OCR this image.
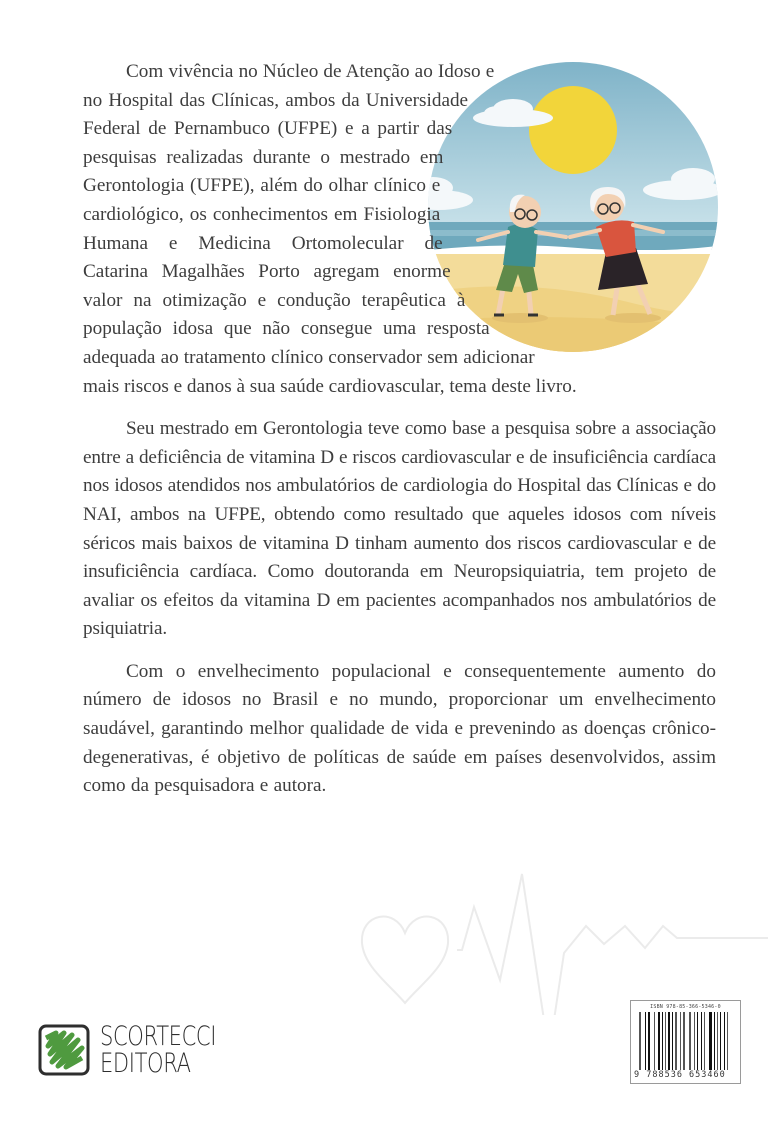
Com vivência no Núcleo de Atenção ao Idoso e no Hospital das Clínicas, ambos da Universidade Federal de Pernambuco (UFPE) e a partir das pesquisas realizadas durante o mestrado em Gerontologia (UFPE), além do olhar clínico e cardiológico, os conhecimentos em Fisiologia Humana e Medicina Ortomolecular de Catarina Magalhães Porto agregam enorme valor na otimização e condução terapêutica à população idosa que não consegue uma resposta adequada ao tratamento clínico conservador sem adicionar mais riscos e danos à sua saúde cardiovascular, tema deste livro.

Seu mestrado em Gerontologia teve como base a pesquisa sobre a associação entre a deficiência de vitamina D e riscos cardiovascular e de insuficiência cardíaca nos idosos atendidos nos ambulatórios de cardiologia do Hospital das Clínicas e do NAI, ambos na UFPE, obtendo como resultado que aqueles idosos com níveis séricos mais baixos de vitamina D tinham aumento dos riscos cardiovascular e de insuficiência cardíaca. Como doutoranda em Neuropsiquiatria, tem projeto de avaliar os efeitos da vitamina D em pacientes acompanhados nos ambulatórios de psiquiatria.

Com o envelhecimento populacional e consequentemente aumento do número de idosos no Brasil e no mundo, proporcionar um envelhecimento saudável, garantindo melhor qualidade de vida e prevenindo as doenças crônico-degenerativas, é objetivo de políticas de saúde em países desenvolvidos, assim como da pesquisadora e autora.

SCORTECCI
EDITORA
ISBN 978-85-366-5346-0
9 788536 653460
